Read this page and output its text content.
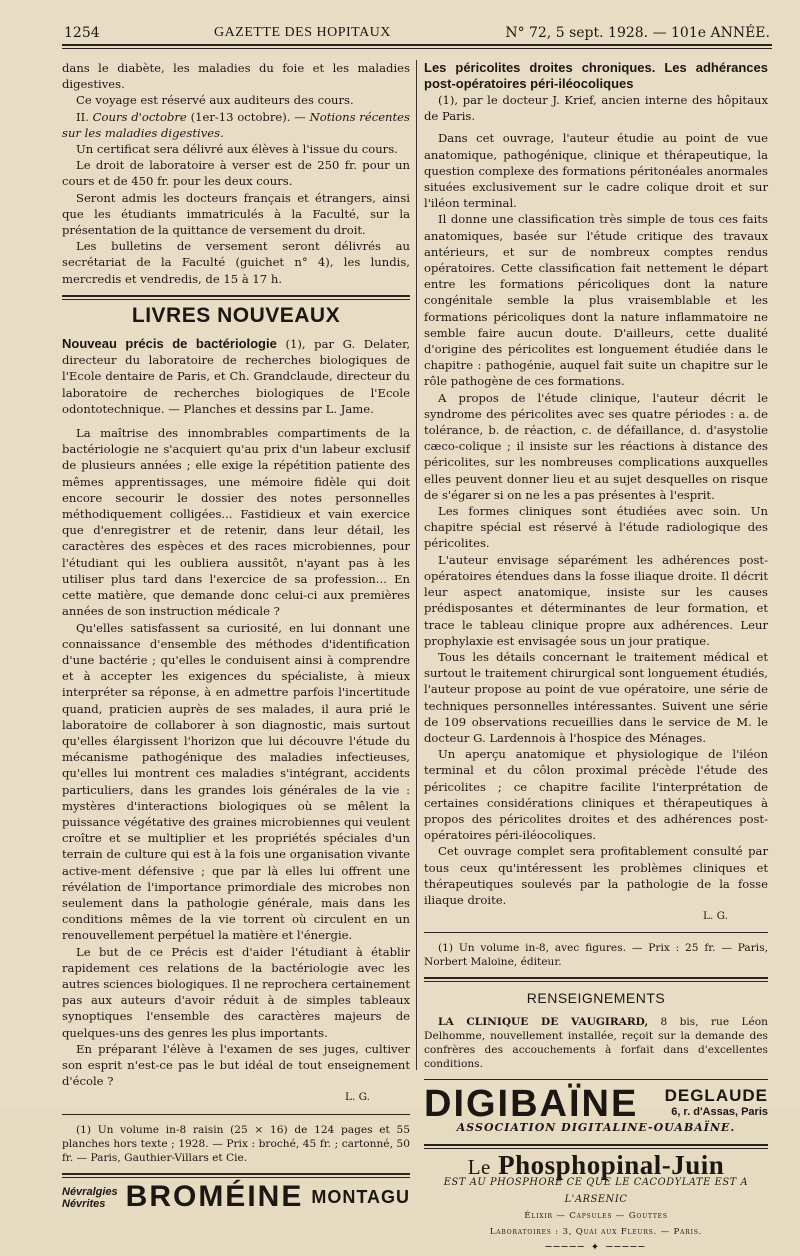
1254	GAZETTE DES HOPITAUX	N° 72, 5 sept. 1928. — 101e ANNÉE.

dans le diabète, les maladies du foie et les maladies digestives.

Ce voyage est réservé aux auditeurs des cours.

II. Cours d'octobre (1er-13 octobre). — Notions récentes sur les maladies digestives.

Un certificat sera délivré aux élèves à l'issue du cours.

Le droit de laboratoire à verser est de 250 fr. pour un cours et de 450 fr. pour les deux cours.

Seront admis les docteurs français et étrangers, ainsi que les étudiants immatriculés à la Faculté, sur la présentation de la quittance de versement du droit.

Les bulletins de versement seront délivrés au secrétariat de la Faculté (guichet n° 4), les lundis, mercredis et vendredis, de 15 à 17 h.

LIVRES NOUVEAUX

Nouveau précis de bactériologie (1), par G. Delater, directeur du laboratoire de recherches biologiques de l'Ecole dentaire de Paris, et Ch. Grandclaude, directeur du laboratoire de recherches biologiques de l'Ecole odontotechnique. — Planches et dessins par L. Jame.

La maîtrise des innombrables compartiments de la bactériologie ne s'acquiert qu'au prix d'un labeur exclusif de plusieurs années ; elle exige la répétition patiente des mêmes apprentissages, une mémoire fidèle qui doit encore secourir le dossier des notes personnelles méthodiquement colligées... Fastidieux et vain exercice que d'enregistrer et de retenir, dans leur détail, les caractères des espèces et des races microbiennes, pour l'étudiant qui les oubliera aussitôt, n'ayant pas à les utiliser plus tard dans l'exercice de sa profession... En cette matière, que demande donc celui-ci aux premières années de son instruction médicale ?

Qu'elles satisfassent sa curiosité, en lui donnant une connaissance d'ensemble des méthodes d'identification d'une bactérie ; qu'elles le conduisent ainsi à comprendre et à accepter les exigences du spécialiste, à mieux interpréter sa réponse, à en admettre parfois l'incertitude quand, praticien auprès de ses malades, il aura prié le laboratoire de collaborer à son diagnostic, mais surtout qu'elles élargissent l'horizon que lui découvre l'étude du mécanisme pathogénique des maladies infectieuses, qu'elles lui montrent ces maladies s'intégrant, accidents particuliers, dans les grandes lois générales de la vie : mystères d'interactions biologiques où se mêlent la puissance végétative des graines microbiennes qui veulent croître et se multiplier et les propriétés spéciales d'un terrain de culture qui est à la fois une organisation vivante active-ment défensive ; que par là elles lui offrent une révélation de l'importance primordiale des microbes non seulement dans la pathologie générale, mais dans les conditions mêmes de la vie torrent où circulent en un renouvellement perpétuel la matière et l'énergie.

Le but de ce Précis est d'aider l'étudiant à établir rapidement ces relations de la bactériologie avec les autres sciences biologiques. Il ne reprochera certainement pas aux auteurs d'avoir réduit à de simples tableaux synoptiques l'ensemble des caractères majeurs de quelques-uns des genres les plus importants.

En préparant l'élève à l'examen de ses juges, cultiver son esprit n'est-ce pas le but idéal de tout enseignement d'école ?

L. G.

(1) Un volume in-8 raisin (25 × 16) de 124 pages et 55 planches hors texte ; 1928. — Prix : broché, 45 fr. ; cartonné, 50 fr. — Paris, Gauthier-Villars et Cie.

Névralgies
Névrites BROMÉINE MONTAGU
Les péricolites droites chroniques. Les adhérances post-opératoires péri-iléocoliques

(1), par le docteur J. Krief, ancien interne des hôpitaux de Paris.

Dans cet ouvrage, l'auteur étudie au point de vue anatomique, pathogénique, clinique et thérapeutique, la question complexe des formations péritonéales anormales situées exclusivement sur le cadre colique droit et sur l'iléon terminal.

Il donne une classification très simple de tous ces faits anatomiques, basée sur l'étude critique des travaux antérieurs, et sur de nombreux comptes rendus opératoires. Cette classification fait nettement le départ entre les formations péricoliques dont la nature congénitale semble la plus vraisemblable et les formations péricoliques dont la nature inflammatoire ne semble faire aucun doute. D'ailleurs, cette dualité d'origine des péricolites est longuement étudiée dans le chapitre : pathogénie, auquel fait suite un chapitre sur le rôle pathogène de ces formations.

A propos de l'étude clinique, l'auteur décrit le syndrome des péricolites avec ses quatre périodes : a. de tolérance, b. de réaction, c. de défaillance, d. d'asystolie cæco-colique ; il insiste sur les réactions à distance des péricolites, sur les nombreuses complications auxquelles elles peuvent donner lieu et au sujet desquelles on risque de s'égarer si on ne les a pas présentes à l'esprit.

Les formes cliniques sont étudiées avec soin. Un chapitre spécial est réservé à l'étude radiologique des péricolites.

L'auteur envisage séparément les adhérences post-opératoires étendues dans la fosse iliaque droite. Il décrit leur aspect anatomique, insiste sur les causes prédisposantes et déterminantes de leur formation, et trace le tableau clinique propre aux adhérences. Leur prophylaxie est envisagée sous un jour pratique.

Tous les détails concernant le traitement médical et surtout le traitement chirurgical sont longuement étudiés, l'auteur propose au point de vue opératoire, une série de techniques personnelles intéressantes. Suivent une série de 109 observations recueillies dans le service de M. le docteur G. Lardennois à l'hospice des Ménages.

Un aperçu anatomique et physiologique de l'iléon terminal et du côlon proximal précède l'étude des péricolites ; ce chapitre facilite l'interprétation de certaines considérations cliniques et thérapeutiques à propos des péricolites droites et des adhérences post-opératoires péri-iléocoliques.

Cet ouvrage complet sera profitablement consulté par tous ceux qu'intéressent les problèmes cliniques et thérapeutiques soulevés par la pathologie de la fosse iliaque droite.

L. G.

(1) Un volume in-8, avec figures. — Prix : 25 fr. — Paris, Norbert Maloine, éditeur.

RENSEIGNEMENTS

LA CLINIQUE DE VAUGIRARD, 8 bis, rue Léon Delhomme, nouvellement installée, reçoit sur la demande des confrères des accouchements à forfait dans d'excellentes conditions.

DIGIBAÏNE DEGLAUDE
6, r. d'Assas, Paris
ASSOCIATION DIGITALINE-OUABAÏNE.
Le Phosphopinal-Juin
EST AU PHOSPHORE CE QUE LE CACODYLATE EST A L'ARSENIC
Élixir — Capsules — Gouttes
Laboratoires : 3, Quai aux Fleurs. — Paris.
───── ✦ ─────
